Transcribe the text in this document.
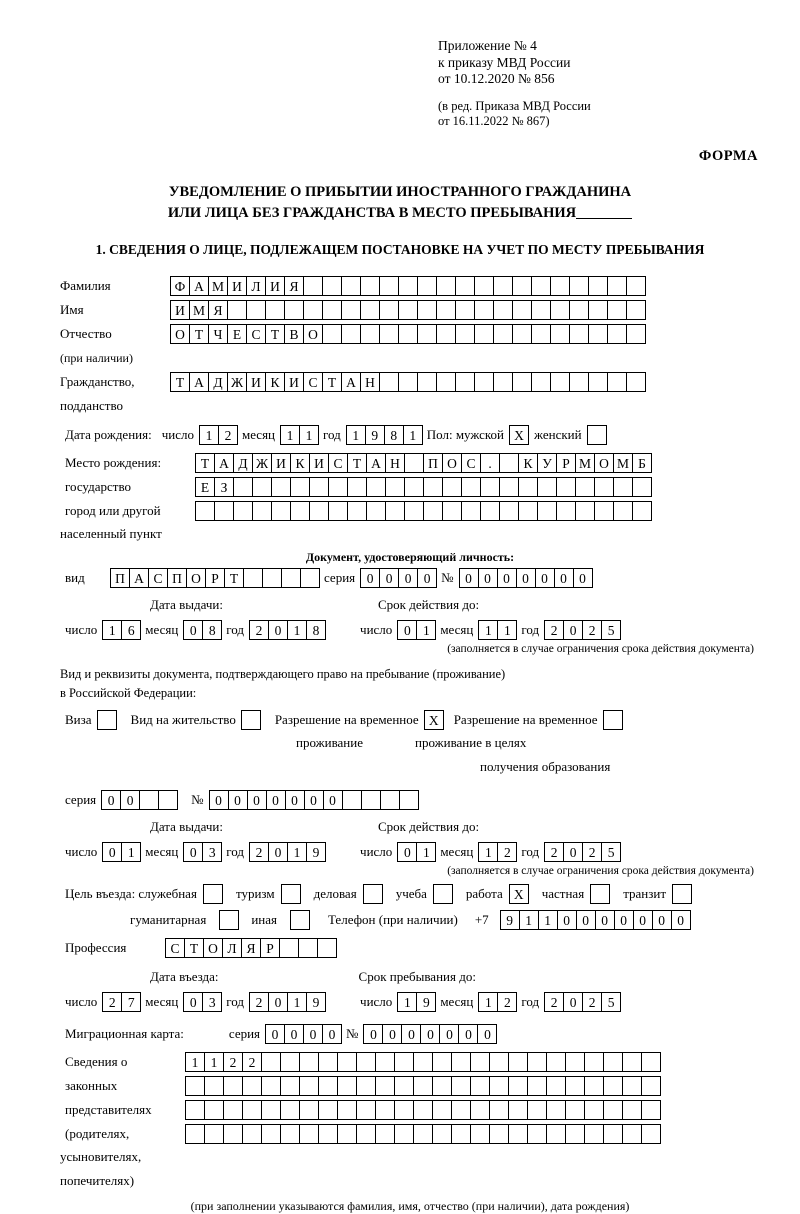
Приложение № 4
к приказу МВД России
от 10.12.2020 № 856
(в ред. Приказа МВД России
от 16.11.2022 № 867)
ФОРМА
УВЕДОМЛЕНИЕ О ПРИБЫТИИ ИНОСТРАННОГО ГРАЖДАНИНА
ИЛИ ЛИЦА БЕЗ ГРАЖДАНСТВА В МЕСТО ПРЕБЫВАНИЯ
1. СВЕДЕНИЯ О ЛИЦЕ, ПОДЛЕЖАЩЕМ ПОСТАНОВКЕ НА УЧЕТ ПО МЕСТУ ПРЕБЫВАНИЯ
Фамилия	Ф А М И Л И Я
Имя	И М Я
Отчество	О Т Ч Е С Т В О
(при наличии)
Гражданство,	Т А Д Ж И К И С Т А Н
подданство
Дата рождения: число 1 2 месяц 1 1 год 1 9 8 1 Пол: мужской X женский
Место рождения:	Т А Д Ж И К И С Т А Н	П О С .	К У Р М О М Б
государство	Е З
город или другой
населенный пункт
Документ, удостоверяющий личность:
вид	П А С П О Р Т	серия 0 0 0 0 № 0 0 0 0 0 0 0
Дата выдачи:	Срок действия до:
число 1 6 месяц 0 8 год 2 0 1 8	число 0 1 месяц 1 1 год 2 0 2 5
(заполняется в случае ограничения срока действия документа)
Вид и реквизиты документа, подтверждающего право на пребывание (проживание)
в Российской Федерации:
Виза	Вид на жительство	Разрешение на временное X	Разрешение на временное
проживание	проживание в целях
получения образования
серия 0 0	№ 0 0 0 0 0 0 0
Дата выдачи:	Срок действия до:
число 0 1 месяц 0 3 год 2 0 1 9	число 0 1 месяц 1 2 год 2 0 2 5
(заполняется в случае ограничения срока действия документа)
Цель въезда: служебная	туризм	деловая	учеба	работа X	частная	транзит
гуманитарная	иная	Телефон (при наличии) +7	9 1 1 0 0 0 0 0 0 0
Профессия	С Т О Л Я Р
Дата въезда:	Срок пребывания до:
число 2 7 месяц 0 3 год 2 0 1 9	число 1 9 месяц 1 2 год 2 0 2 5
Миграционная карта:	серия 0 0 0 0 № 0 0 0 0 0 0 0
Сведения о	1 1 2 2
законных
представителях
(родителях,
усыновителях,
попечителях)
(при заполнении указываются фамилия, имя, отчество (при наличии), дата рождения)
